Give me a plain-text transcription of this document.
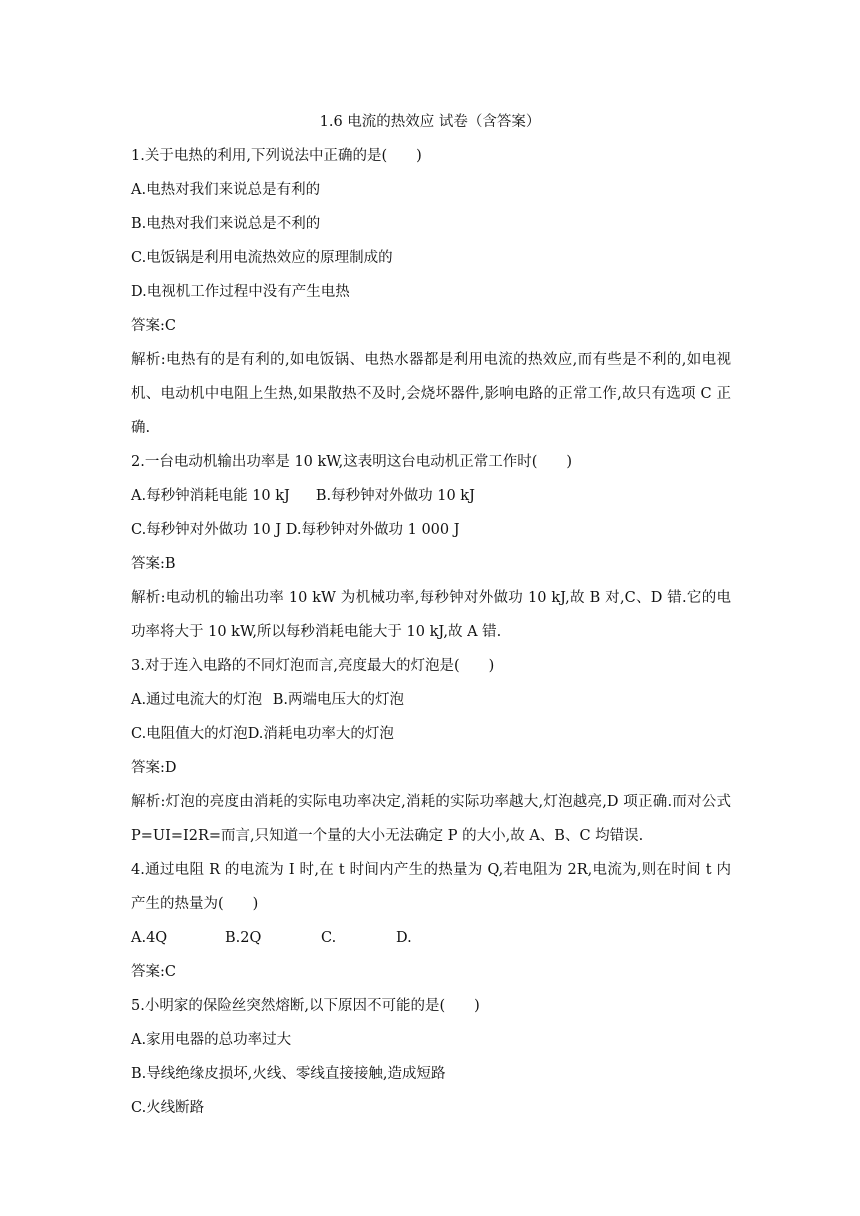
1.6 电流的热效应 试卷（含答案）
1.关于电热的利用,下列说法中正确的是(　　)
A.电热对我们来说总是有利的
B.电热对我们来说总是不利的
C.电饭锅是利用电流热效应的原理制成的
D.电视机工作过程中没有产生电热
答案:C
解析:电热有的是有利的,如电饭锅、电热水器都是利用电流的热效应,而有些是不利的,如电视机、电动机中电阻上生热,如果散热不及时,会烧坏器件,影响电路的正常工作,故只有选项 C 正确.
2.一台电动机输出功率是 10 kW,这表明这台电动机正常工作时(　　)
A.每秒钟消耗电能 10 kJ B.每秒钟对外做功 10 kJ
C.每秒钟对外做功 10 J D.每秒钟对外做功 1 000 J
答案:B
解析:电动机的输出功率 10 kW 为机械功率,每秒钟对外做功 10 kJ,故 B 对,C、D 错.它的电功率将大于 10 kW,所以每秒消耗电能大于 10 kJ,故 A 错.
3.对于连入电路的不同灯泡而言,亮度最大的灯泡是(　　)
A.通过电流大的灯泡 B.两端电压大的灯泡
C.电阻值大的灯泡D.消耗电功率大的灯泡
答案:D
解析:灯泡的亮度由消耗的实际电功率决定,消耗的实际功率越大,灯泡越亮,D 项正确.而对公式 P=UI=I2R=而言,只知道一个量的大小无法确定 P 的大小,故 A、B、C 均错误.
4.通过电阻 R 的电流为 I 时,在 t 时间内产生的热量为 Q,若电阻为 2R,电流为,则在时间 t 内产生的热量为(　　)
A.4Q	B.2Q	C.	D.
答案:C
5.小明家的保险丝突然熔断,以下原因不可能的是(　　)
A.家用电器的总功率过大
B.导线绝缘皮损坏,火线、零线直接接触,造成短路
C.火线断路
